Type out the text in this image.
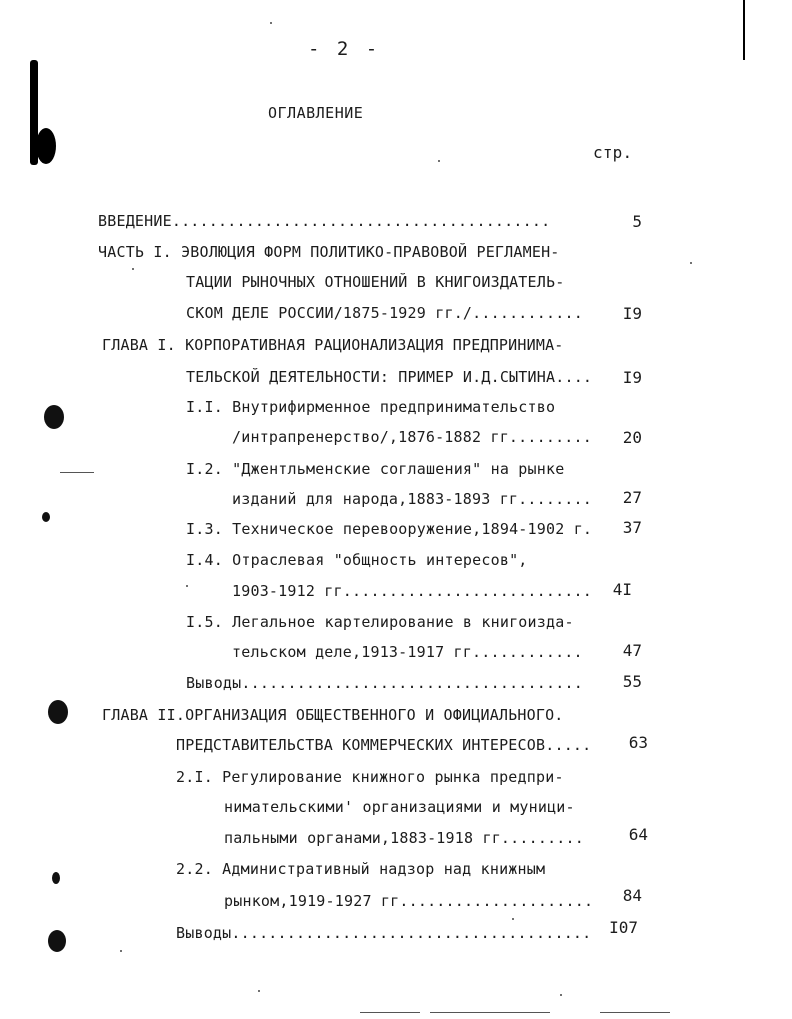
- 2 -
ОГЛАВЛЕНИЕ
стр.
ВВЕДЕНИЕ.........................................	5
ЧАСТЬ I. ЭВОЛЮЦИЯ ФОРМ ПОЛИТИКО-ПРАВОВОЙ РЕГЛАМЕН-
ТАЦИИ РЫНОЧНЫХ ОТНОШЕНИЙ В КНИГОИЗДАТЕЛЬ-
СКОМ ДЕЛЕ РОССИИ/1875-1929 гг./............	I9
ГЛАВА I. КОРПОРАТИВНАЯ РАЦИОНАЛИЗАЦИЯ ПРЕДПРИНИМА-
ТЕЛЬСКОЙ ДЕЯТЕЛЬНОСТИ: ПРИМЕР И.Д.СЫТИНА....	I9
I.I. Внутрифирменное предпринимательство
/интрапренерство/,1876-1882 гг.........	20
I.2. "Джентльменские соглашения" на рынке
изданий для народа,1883-1893 гг........	27
I.3. Техническое перевооружение,1894-1902 г.	37
I.4. Отраслевая "общность интересов",
1903-1912 гг...........................	4I
I.5. Легальное картелирование в книгоизда-
тельском деле,1913-1917 гг............	47
Выводы.....................................	55
ГЛАВА II.ОРГАНИЗАЦИЯ ОБЩЕСТВЕННОГО И ОФИЦИАЛЬНОГО.
ПРЕДСТАВИТЕЛЬСТВА КОММЕРЧЕСКИХ ИНТЕРЕСОВ.....	63
2.I. Регулирование книжного рынка предпри-
нимательскими' организациями и муници-
пальными органами,1883-1918 гг.........	64
2.2. Административный надзор над книжным
рынком,1919-1927 гг.....................	84
Выводы.......................................	I07
